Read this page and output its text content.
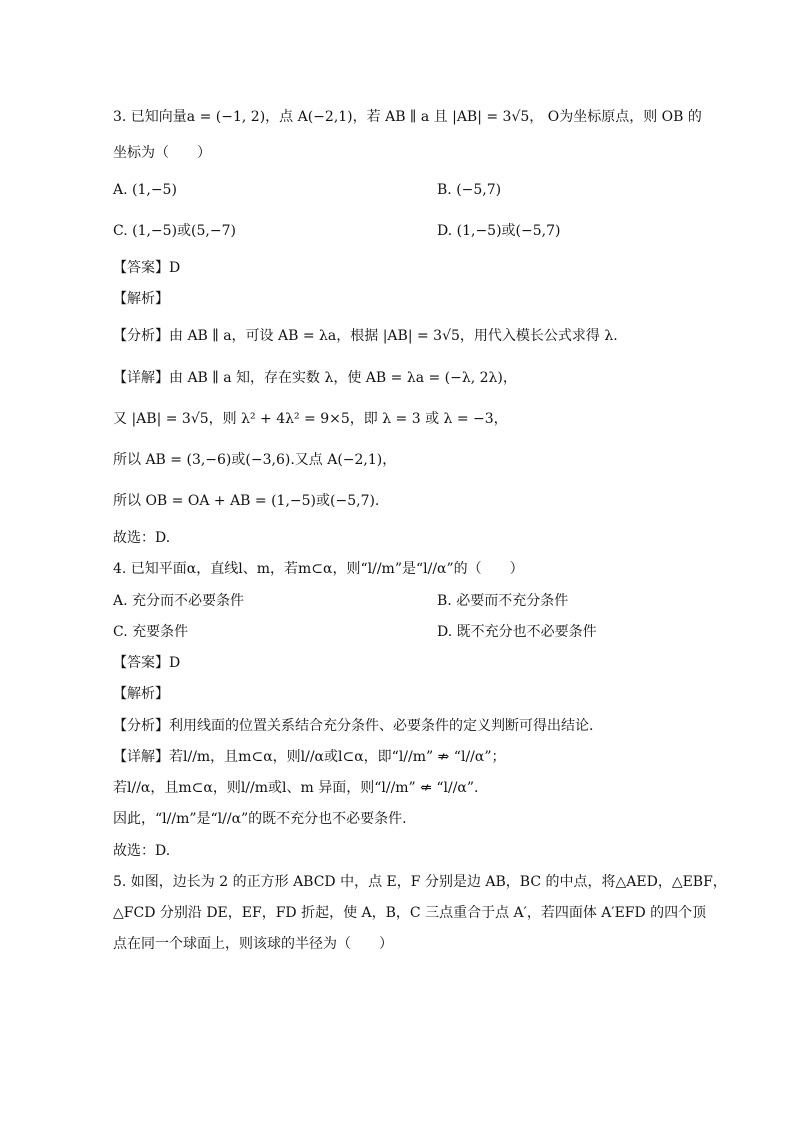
3. 已知向量a = (−1, 2)，点 A(−2,1)，若 AB ∥ a 且 |AB| = 3√5， O为坐标原点，则 OB 的
坐标为（　　）
A. (1,−5)	B. (−5,7)
C. (1,−5)或(5,−7)	D. (1,−5)或(−5,7)
【答案】D
【解析】
【分析】由 AB ∥ a，可设 AB = λa，根据 |AB| = 3√5，用代入模长公式求得 λ.
【详解】由 AB ∥ a 知，存在实数 λ，使 AB = λa = (−λ, 2λ)，
又 |AB| = 3√5，则 λ² + 4λ² = 9×5，即 λ = 3 或 λ = −3，
所以 AB = (3,−6)或(−3,6).又点 A(−2,1)，
所以 OB = OA + AB = (1,−5)或(−5,7).
故选：D.
4. 已知平面α，直线l、m，若m⊂α，则“l//m”是“l//α”的（　　）
A. 充分而不必要条件	B. 必要而不充分条件
C. 充要条件	D. 既不充分也不必要条件
【答案】D
【解析】
【分析】利用线面的位置关系结合充分条件、必要条件的定义判断可得出结论.
【详解】若l//m，且m⊂α，则l//α或l⊂α，即“l//m” ⇏ “l//α”；
若l//α，且m⊂α，则l//m或l、m 异面，则“l//m” ⇍ “l//α”.
因此，“l//m”是“l//α”的既不充分也不必要条件.
故选：D.
5. 如图，边长为 2 的正方形 ABCD 中，点 E，F 分别是边 AB，BC 的中点，将△AED，△EBF，
△FCD 分别沿 DE，EF，FD 折起，使 A，B，C 三点重合于点 A′，若四面体 A′EFD 的四个顶
点在同一个球面上，则该球的半径为（　　）
